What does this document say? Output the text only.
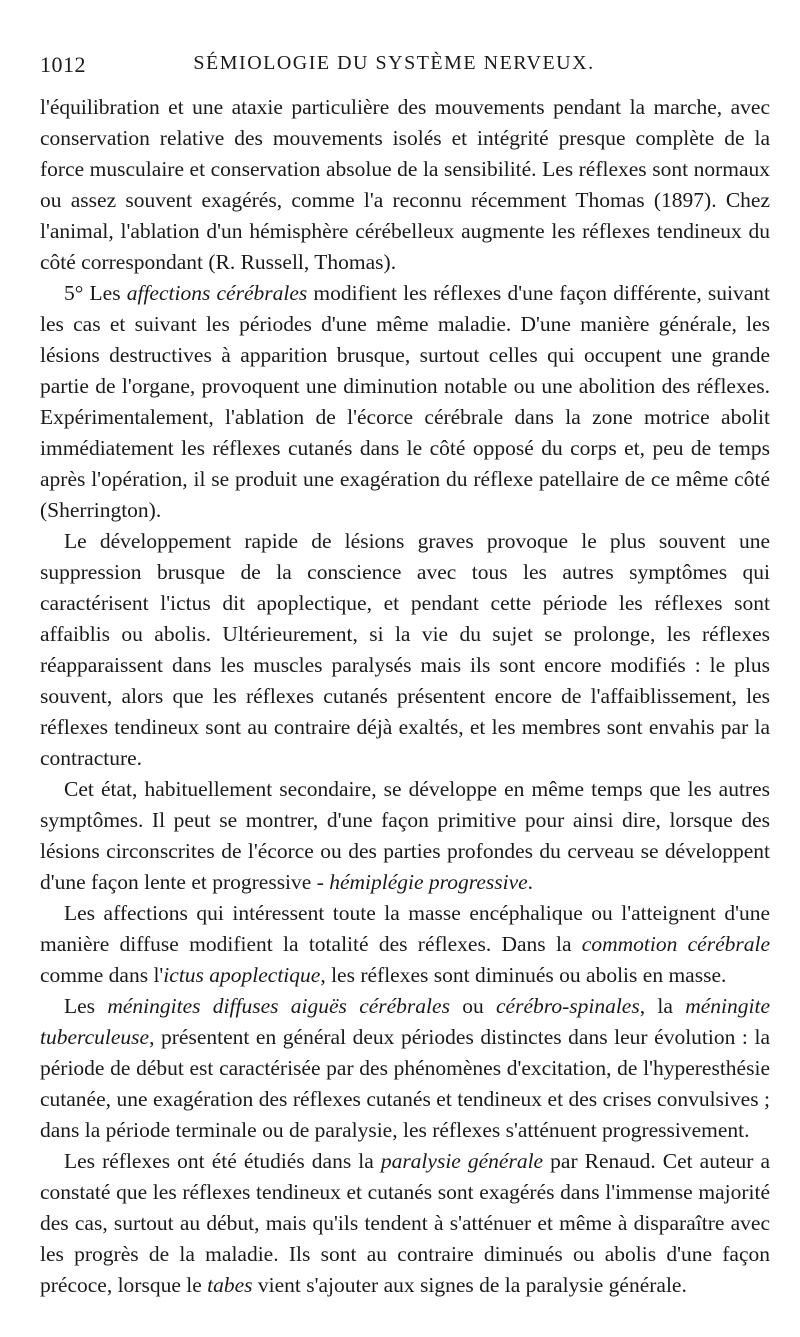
1012	SÉMIOLOGIE DU SYSTÈME NERVEUX.

l'équilibration et une ataxie particulière des mouvements pendant la marche, avec conservation relative des mouvements isolés et intégrité presque complète de la force musculaire et conservation absolue de la sensibilité. Les réflexes sont normaux ou assez souvent exagérés, comme l'a reconnu récemment Thomas (1897). Chez l'animal, l'ablation d'un hémisphère cérébelleux augmente les réflexes tendineux du côté correspondant (R. Russell, Thomas).

5° Les affections cérébrales modifient les réflexes d'une façon différente, suivant les cas et suivant les périodes d'une même maladie. D'une manière générale, les lésions destructives à apparition brusque, surtout celles qui occupent une grande partie de l'organe, provoquent une diminution notable ou une abolition des réflexes. Expérimentalement, l'ablation de l'écorce cérébrale dans la zone motrice abolit immédiatement les réflexes cutanés dans le côté opposé du corps et, peu de temps après l'opération, il se produit une exagération du réflexe patellaire de ce même côté (Sherrington).

Le développement rapide de lésions graves provoque le plus souvent une suppression brusque de la conscience avec tous les autres symptômes qui caractérisent l'ictus dit apoplectique, et pendant cette période les réflexes sont affaiblis ou abolis. Ultérieurement, si la vie du sujet se prolonge, les réflexes réapparaissent dans les muscles paralysés mais ils sont encore modifiés : le plus souvent, alors que les réflexes cutanés présentent encore de l'affaiblissement, les réflexes tendineux sont au contraire déjà exaltés, et les membres sont envahis par la contracture.

Cet état, habituellement secondaire, se développe en même temps que les autres symptômes. Il peut se montrer, d'une façon primitive pour ainsi dire, lorsque des lésions circonscrites de l'écorce ou des parties profondes du cerveau se développent d'une façon lente et progressive - hémiplégie progressive.

Les affections qui intéressent toute la masse encéphalique ou l'atteignent d'une manière diffuse modifient la totalité des réflexes. Dans la commotion cérébrale comme dans l'ictus apoplectique, les réflexes sont diminués ou abolis en masse.

Les méningites diffuses aiguës cérébrales ou cérébro-spinales, la méningite tuberculeuse, présentent en général deux périodes distinctes dans leur évolution : la période de début est caractérisée par des phénomènes d'excitation, de l'hyperesthésie cutanée, une exagération des réflexes cutanés et tendineux et des crises convulsives ; dans la période terminale ou de paralysie, les réflexes s'atténuent progressivement.

Les réflexes ont été étudiés dans la paralysie générale par Renaud. Cet auteur a constaté que les réflexes tendineux et cutanés sont exagérés dans l'immense majorité des cas, surtout au début, mais qu'ils tendent à s'atténuer et même à disparaître avec les progrès de la maladie. Ils sont au contraire diminués ou abolis d'une façon précoce, lorsque le tabes vient s'ajouter aux signes de la paralysie générale.
